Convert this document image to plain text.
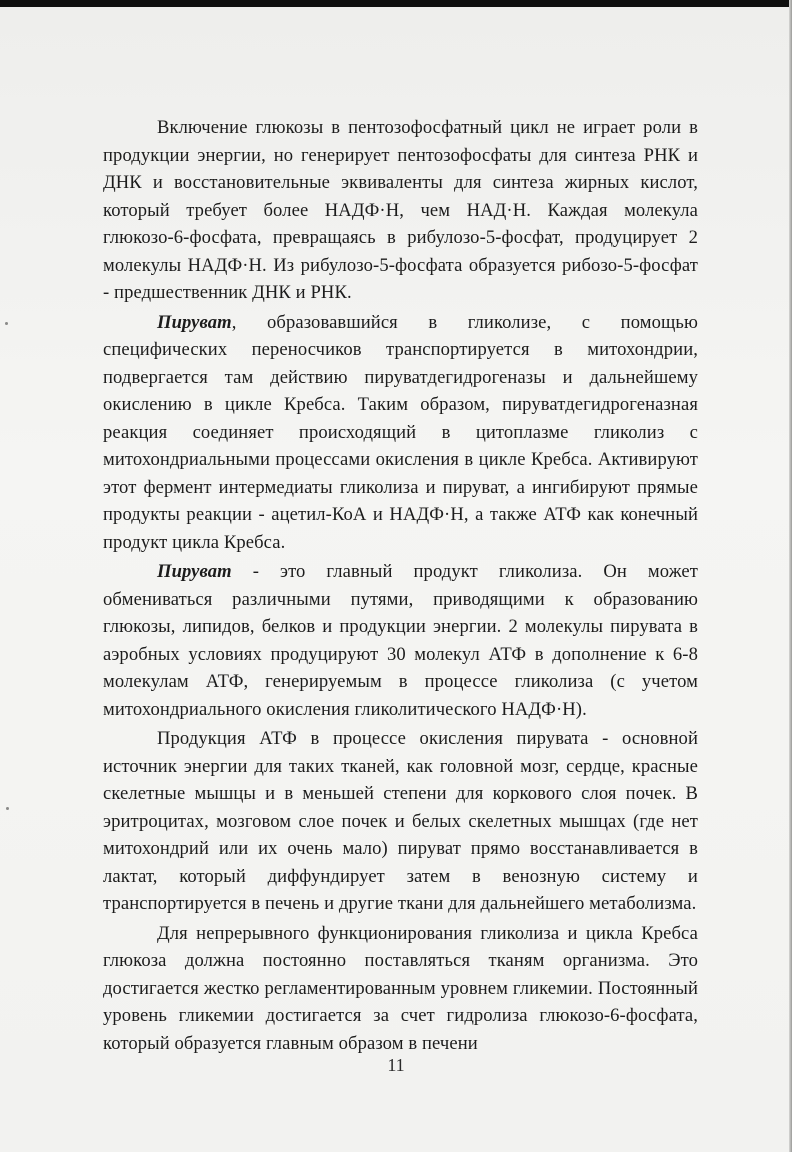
Включение глюкозы в пентозофосфатный цикл не играет роли в продукции энергии, но генерирует пентозофосфаты для синтеза РНК и ДНК и восстановительные эквиваленты для синтеза жирных кислот, который требует более НАДФ·Н, чем НАД·Н. Каждая молекула глюкозо-6-фосфата, превращаясь в рибулозо-5-фосфат, продуцирует 2 молекулы НАДФ·Н. Из рибулозо-5-фосфата образуется рибозо-5-фосфат - предшественник ДНК и РНК.

Пируват, образовавшийся в гликолизе, с помощью специфических переносчиков транспортируется в митохондрии, подвергается там действию пируватдегидрогеназы и дальнейшему окислению в цикле Кребса. Таким образом, пируватдегидрогеназная реакция соединяет происходящий в цитоплазме гликолиз с митохондриальными процессами окисления в цикле Кребса. Активируют этот фермент интермедиаты гликолиза и пируват, а ингибируют прямые продукты реакции - ацетил-КоА и НАДФ·Н, а также АТФ как конечный продукт цикла Кребса.

Пируват - это главный продукт гликолиза. Он может обмениваться различными путями, приводящими к образованию глюкозы, липидов, белков и продукции энергии. 2 молекулы пирувата в аэробных условиях продуцируют 30 молекул АТФ в дополнение к 6-8 молекулам АТФ, генерируемым в процессе гликолиза (с учетом митохондриального окисления гликолитического НАДФ·Н).

Продукция АТФ в процессе окисления пирувата - основной источник энергии для таких тканей, как головной мозг, сердце, красные скелетные мышцы и в меньшей степени для коркового слоя почек. В эритроцитах, мозговом слое почек и белых скелетных мышцах (где нет митохондрий или их очень мало) пируват прямо восстанавливается в лактат, который диффундирует затем в венозную систему и транспортируется в печень и другие ткани для дальнейшего метаболизма.

Для непрерывного функционирования гликолиза и цикла Кребса глюкоза должна постоянно поставляться тканям организма. Это достигается жестко регламентированным уровнем гликемии. Постоянный уровень гликемии достигается за счет гидролиза глюкозо-6-фосфата, который образуется главным образом в печени

11
